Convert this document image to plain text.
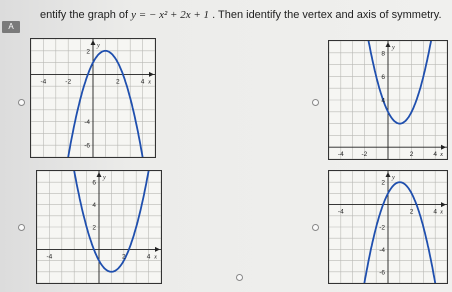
entify the graph of y = − x² + 2x + 1 . Then identify the vertex and axis of symmetry.
A
-4	-2	2	4
2
-4
-6
x
y
-4	-2	2	4
8
6
4
x
y
-4	2	4
6
4
2
x
y
-4	2	4
2
-2
-4
-6
x
y
